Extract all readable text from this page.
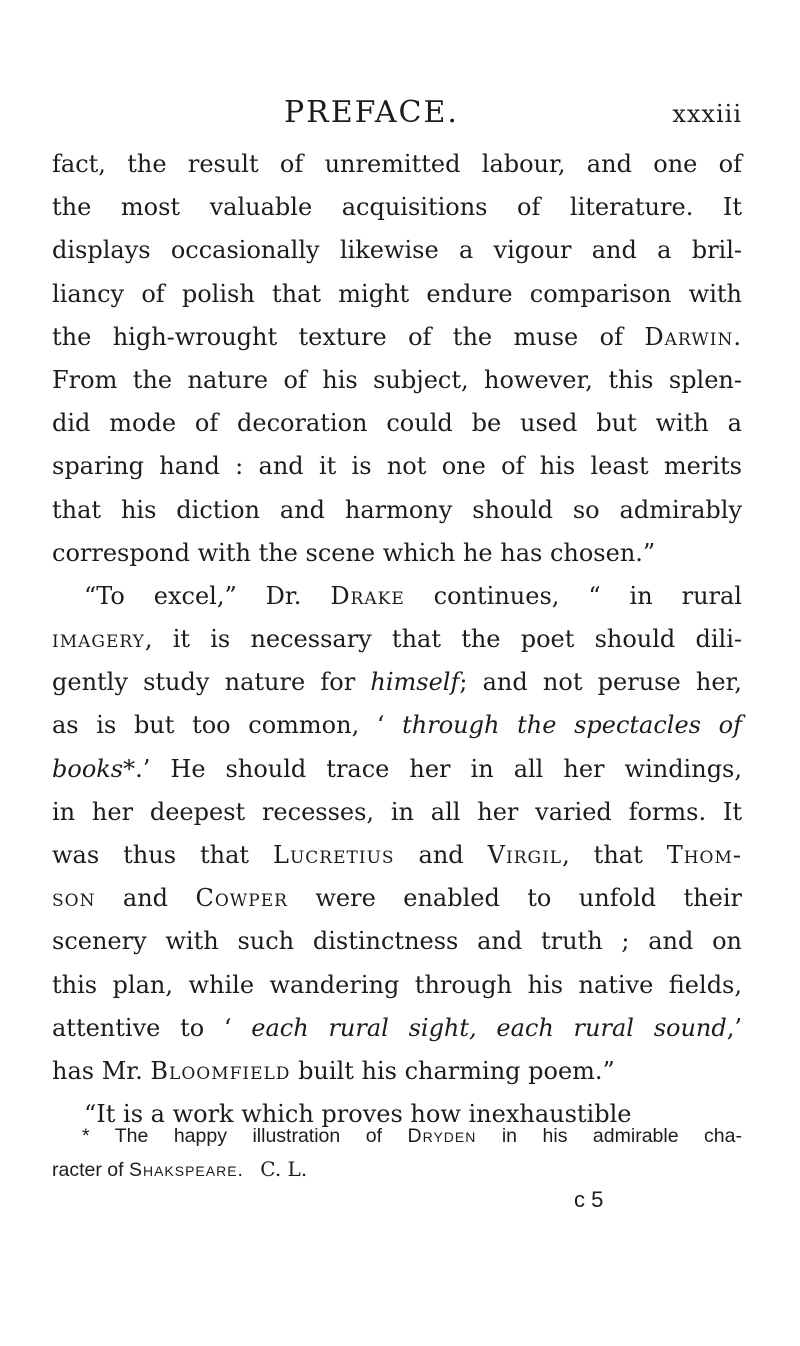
PREFACE.	xxxiii
fact, the result of unremitted labour, and one of
the most valuable acquisitions of literature. It
displays occasionally likewise a vigour and a bril-
liancy of polish that might endure comparison with
the high-wrought texture of the muse of Darwin.
From the nature of his subject, however, this splen-
did mode of decoration could be used but with a
sparing hand : and it is not one of his least merits
that his diction and harmony should so admirably
correspond with the scene which he has chosen.”
“To excel,” Dr. Drake continues, “ in rural
imagery, it is necessary that the poet should dili-
gently study nature for himself; and not peruse her,
as is but too common, ‘ through the spectacles of
books*.’ He should trace her in all her windings,
in her deepest recesses, in all her varied forms. It
was thus that Lucretius and Virgil, that Thom-
son and Cowper were enabled to unfold their
scenery with such distinctness and truth ; and on
this plan, while wandering through his native fields,
attentive to ‘ each rural sight, each rural sound,’
has Mr. Bloomfield built his charming poem.”
“It is a work which proves how inexhaustible
* The happy illustration of Dryden in his admirable cha-
racter of Shakspeare. C. L.
c 5
